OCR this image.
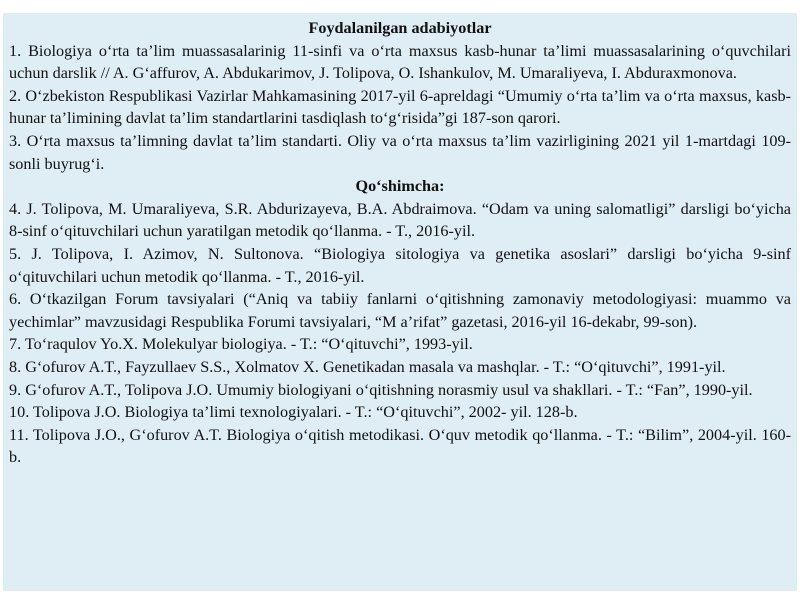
Foydalanilgan adabiyotlar

1. Biologiya o‘rta ta’lim muassasalarinig 11-sinfi va o‘rta maxsus kasb-hunar ta’limi muassasalarining o‘quvchilari uchun darslik // A. G‘affurov, A. Abdukarimov, J. Tolipova, O. Ishankulov, M. Umaraliyeva, I. Abduraxmonova.

2. O‘zbekiston Respublikasi Vazirlar Mahkamasining 2017-yil 6-apreldagi “Umumiy o‘rta ta’lim va o‘rta maxsus, kasb-hunar ta’limining davlat ta’lim standartlarini tasdiqlash to‘g‘risida”gi 187-son qarori.

3. O‘rta maxsus ta’limning davlat ta’lim standarti. Oliy va o‘rta maxsus ta’lim vazirligining 2021 yil 1-martdagi 109-sonli buyrug‘i.

Qo‘shimcha:

4. J. Tolipova, M. Umaraliyeva, S.R. Abdurizayeva, B.A. Abdraimova. “Odam va uning salomatligi” darsligi bo‘yicha 8-sinf o‘qituvchilari uchun yaratilgan metodik qo‘llanma. - T., 2016-yil.

5. J. Tolipova, I. Azimov, N. Sultonova. “Biologiya sitologiya va genetika asoslari” darsligi bo‘yicha 9-sinf o‘qituvchilari uchun metodik qo‘llanma. - T., 2016-yil.

6. O‘tkazilgan Forum tavsiyalari (“Aniq va tabiiy fanlarni o‘qitishning zamonaviy metodologiyasi: muammo va yechimlar” mavzusidagi Respublika Forumi tavsiyalari, “M a’rifat” gazetasi, 2016-yil 16-dekabr, 99-son).

7. To‘raqulov Yo.X. Molekulyar biologiya. - T.: “O‘qituvchi”, 1993-yil.

8. G‘ofurov A.T., Fayzullaev S.S., Xolmatov X. Genetikadan masala va mashqlar. - T.: “O‘qituvchi”, 1991-yil.

9. G‘ofurov A.T., Tolipova J.O. Umumiy biologiyani o‘qitishning norasmiy usul va shakllari. - T.: “Fan”, 1990-yil.

10. Tolipova J.O. Biologiya ta’limi texnologiyalari. - T.: “O‘qituvchi”, 2002- yil. 128-b.

11. Tolipova J.O., G‘ofurov A.T. Biologiya o‘qitish metodikasi. O‘quv metodik qo‘llanma. - T.: “Bilim”, 2004-yil. 160-b.
